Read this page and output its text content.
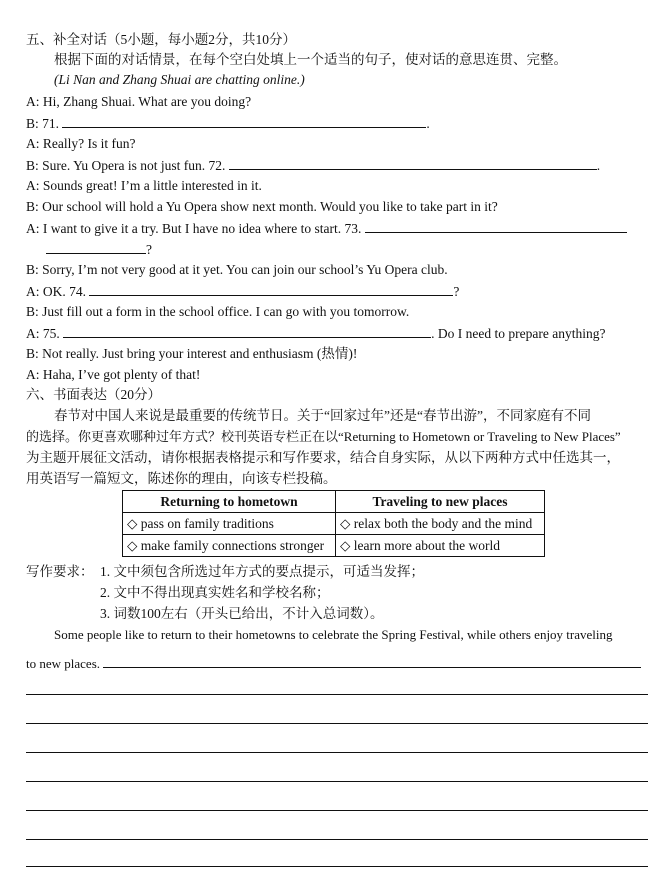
五、补全对话（5小题，每小题2分，共10分）
根据下面的对话情景，在每个空白处填上一个适当的句子，使对话的意思连贯、完整。
(Li Nan and Zhang Shuai are chatting online.)
A: Hi, Zhang Shuai. What are you doing?
B: 71.	.
A: Really? Is it fun?
B: Sure. Yu Opera is not just fun. 72.	.
A: Sounds great! I’m a little interested in it.
B: Our school will hold a Yu Opera show next month. Would you like to take part in it?
A: I want to give it a try. But I have no idea where to start. 73.
?
B: Sorry, I’m not very good at it yet. You can join our school’s Yu Opera club.
A: OK. 74.	?
B: Just fill out a form in the school office. I can go with you tomorrow.
A: 75.	. Do I need to prepare anything?
B: Not really. Just bring your interest and enthusiasm (热情)!
A: Haha, I’ve got plenty of that!
六、书面表达（20分）
春节对中国人来说是最重要的传统节日。关于“回家过年”还是“春节出游”，不同家庭有不同
的选择。你更喜欢哪种过年方式？校刊英语专栏正在以“Returning to Hometown or Traveling to New Places”
为主题开展征文活动，请你根据表格提示和写作要求，结合自身实际，从以下两种方式中任选其一，
用英语写一篇短文，陈述你的理由，向该专栏投稿。
Returning to hometown	Traveling to new places
◇ pass on family traditions	◇ relax both the body and the mind
◇ make family connections stronger	◇ learn more about the world
写作要求： 1. 文中须包含所选过年方式的要点提示，可适当发挥；
2. 文中不得出现真实姓名和学校名称；
3. 词数100左右（开头已给出，不计入总词数）。
Some people like to return to their hometowns to celebrate the Spring Festival, while others enjoy traveling
to new places.
